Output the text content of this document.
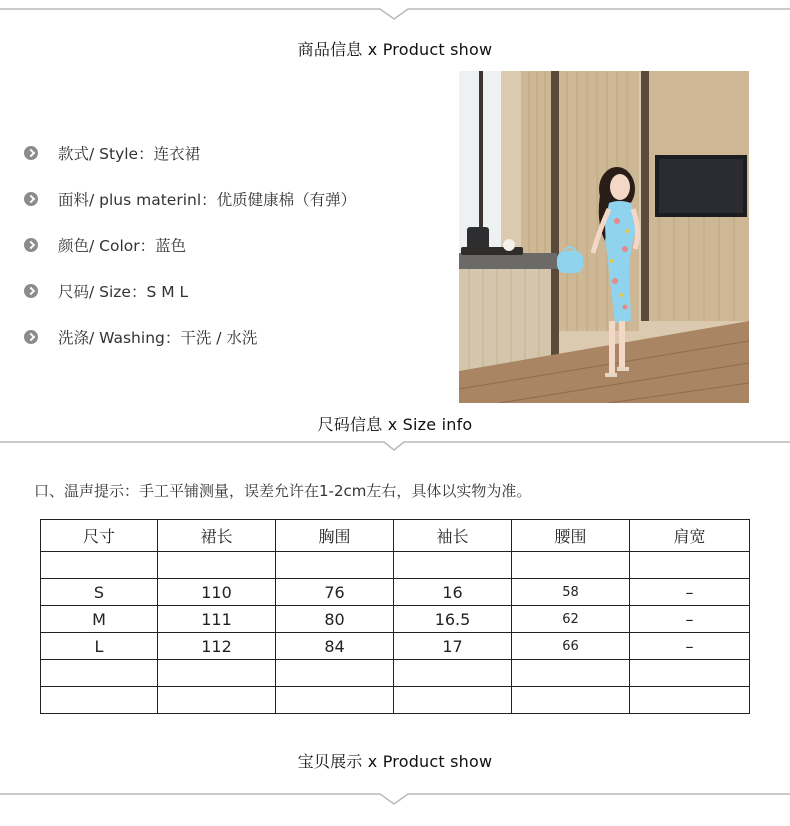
商品信息 x Product show
款式/ Style：连衣裙
面料/ plus materinl：优质健康棉（有弹）
颜色/ Color：蓝色
尺码/ Size：S M L
洗涤/ Washing：干洗 / 水洗
尺码信息 x Size info
口、温声提示：手工平铺测量，误差允许在1-2cm左右，具体以实物为准。
尺寸	裙长	胸围	袖长	腰围	肩宽

S	110	76	16	58	–
M	111	80	16.5	62	–
L	112	84	17	66	–

宝贝展示 x Product show
